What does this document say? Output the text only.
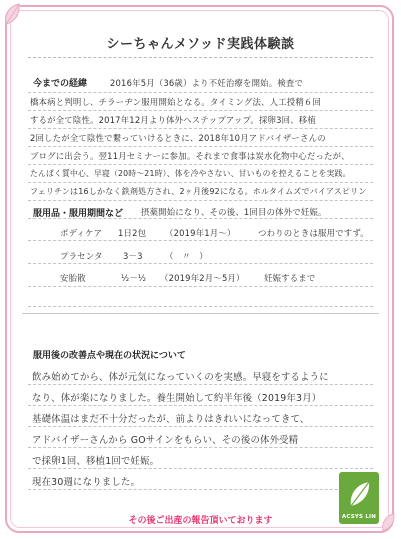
シーちゃんメソッド実践体験談
今までの経緯	2016年5月（36歳）より不妊治療を開始。検査で
橋本病と判明し、チラーヂン服用開始となる。タイミング法、人工授精６回
するが全て陰性。2017年12月より体外へステップアップ。採卵3回、移植
2回したが全て陰性で繋っていけるときに、2018年10月アドバイザーさんの
ブログに出会う。翌11月セミナーに参加。それまで食事は炭水化物中心だったが、
たんぱく質中心、早寝（20時～21時）、体を冷やさない、甘いものを控えることを実践。
フェリチンは16しかなく鉄剤処方され、2ヶ月後92になる。ホルタイムズでバイアスピリン
服用品・服用期間など 摂薬開始になり、その後、1回目の体外で妊娠。
ボディケア 1日2包 （2019年1月～）	つわりのときは服用ですず。
プラセンタ 3－3	（　〃　）
安胎散	½－½ （2019年2月～5月） 妊娠するまで
服用後の改善点や現在の状況について
飲み始めてから、体が元気になっていくのを実感。早寝をするように
なり、体が楽になりました。養生開始して約半年後（2019年3月）
基礎体温はまだ不十分だったが、前よりはきれいになってきて、
アドバイザーさんから GOサインをもらい、その後の体外受精
で採卵1回、移植1回で妊娠。
現在30週になりました。
ACSYS LIN
その後ご出産の報告頂いております
